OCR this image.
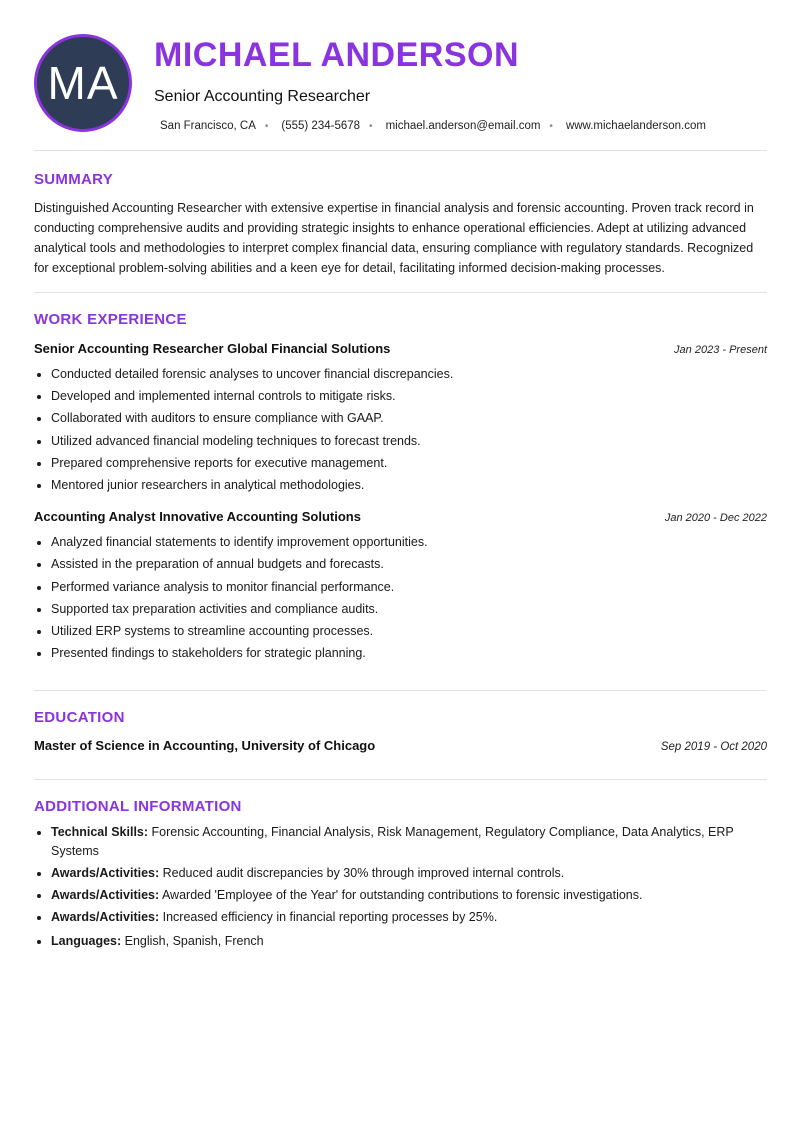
MA
MICHAEL ANDERSON
Senior Accounting Researcher
San Francisco, CA • (555) 234-5678 • michael.anderson@email.com • www.michaelanderson.com
SUMMARY
Distinguished Accounting Researcher with extensive expertise in financial analysis and forensic accounting. Proven track record in conducting comprehensive audits and providing strategic insights to enhance operational efficiencies. Adept at utilizing advanced analytical tools and methodologies to interpret complex financial data, ensuring compliance with regulatory standards. Recognized for exceptional problem-solving abilities and a keen eye for detail, facilitating informed decision-making processes.
WORK EXPERIENCE
Senior Accounting Researcher Global Financial Solutions	Jan 2023 - Present
• Conducted detailed forensic analyses to uncover financial discrepancies.
• Developed and implemented internal controls to mitigate risks.
• Collaborated with auditors to ensure compliance with GAAP.
• Utilized advanced financial modeling techniques to forecast trends.
• Prepared comprehensive reports for executive management.
• Mentored junior researchers in analytical methodologies.
Accounting Analyst Innovative Accounting Solutions	Jan 2020 - Dec 2022
• Analyzed financial statements to identify improvement opportunities.
• Assisted in the preparation of annual budgets and forecasts.
• Performed variance analysis to monitor financial performance.
• Supported tax preparation activities and compliance audits.
• Utilized ERP systems to streamline accounting processes.
• Presented findings to stakeholders for strategic planning.
EDUCATION
Master of Science in Accounting, University of Chicago	Sep 2019 - Oct 2020
ADDITIONAL INFORMATION
• Technical Skills: Forensic Accounting, Financial Analysis, Risk Management, Regulatory Compliance, Data Analytics, ERP Systems
• Awards/Activities: Reduced audit discrepancies by 30% through improved internal controls.
• Awards/Activities: Awarded 'Employee of the Year' for outstanding contributions to forensic investigations.
• Awards/Activities: Increased efficiency in financial reporting processes by 25%.
• Languages: English, Spanish, French
